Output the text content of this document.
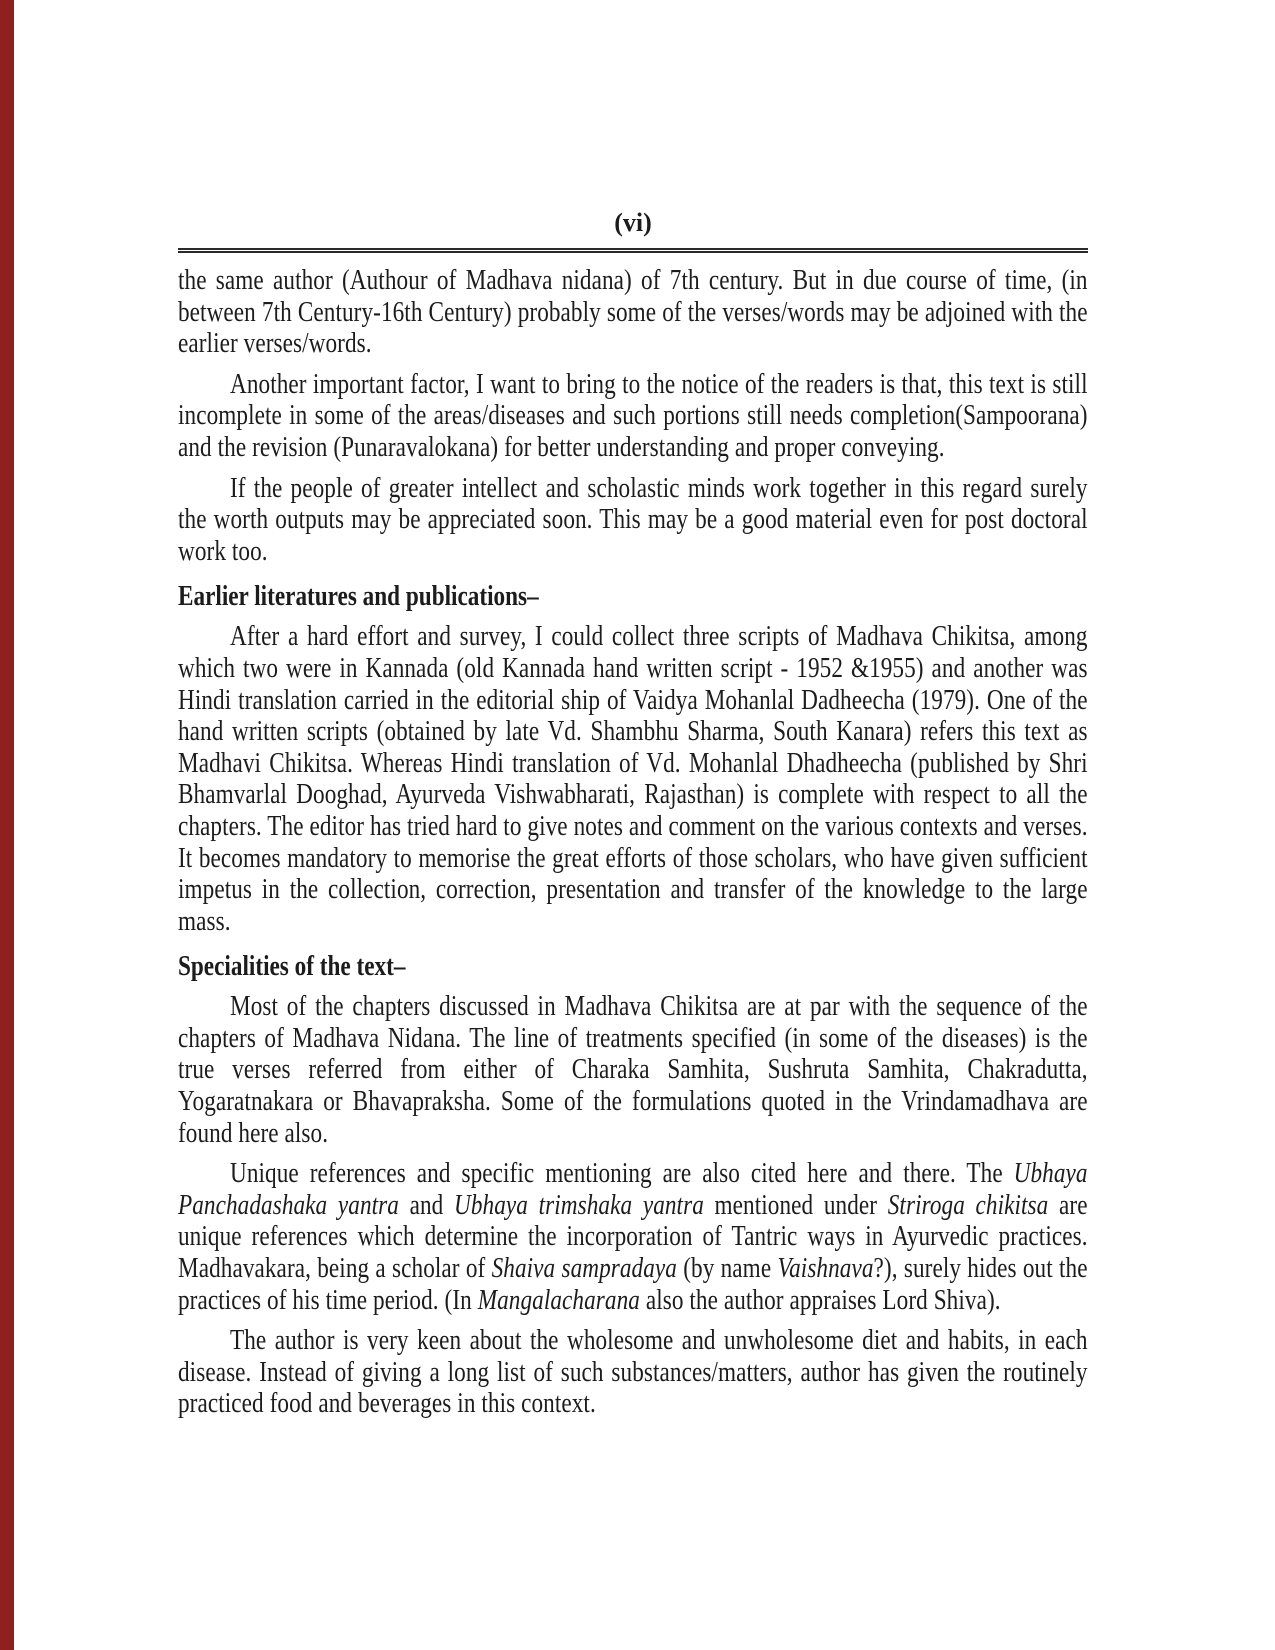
(vi)

the same author (Authour of Madhava nidana) of 7th century. But in due course of time, (in between 7th Century-16th Century) probably some of the verses/words may be adjoined with the earlier verses/words.

Another important factor, I want to bring to the notice of the readers is that, this text is still incomplete in some of the areas/diseases and such portions still needs completion(Sampoorana) and the revision (Punaravalokana) for better understanding and proper conveying.

If the people of greater intellect and scholastic minds work together in this regard surely the worth outputs may be appreciated soon. This may be a good material even for post doctoral work too.

Earlier literatures and publications–

After a hard effort and survey, I could collect three scripts of Madhava Chikitsa, among which two were in Kannada (old Kannada hand written script - 1952 &1955) and another was Hindi translation carried in the editorial ship of Vaidya Mohanlal Dadheecha (1979). One of the hand written scripts (obtained by late Vd. Shambhu Sharma, South Kanara) refers this text as Madhavi Chikitsa. Whereas Hindi translation of Vd. Mohanlal Dhadheecha (published by Shri Bhamvarlal Dooghad, Ayurveda Vishwabharati, Rajasthan) is complete with respect to all the chapters. The editor has tried hard to give notes and comment on the various contexts and verses. It becomes mandatory to memorise the great efforts of those scholars, who have given sufficient impetus in the collection, correction, presentation and transfer of the knowledge to the large mass.

Specialities of the text–

Most of the chapters discussed in Madhava Chikitsa are at par with the sequence of the chapters of Madhava Nidana. The line of treatments specified (in some of the diseases) is the true verses referred from either of Charaka Samhita, Sushruta Samhita, Chakradutta, Yogaratnakara or Bhavapraksha. Some of the formulations quoted in the Vrindamadhava are found here also.

Unique references and specific mentioning are also cited here and there. The Ubhaya Panchadashaka yantra and Ubhaya trimshaka yantra mentioned under Striroga chikitsa are unique references which determine the incorporation of Tantric ways in Ayurvedic practices. Madhavakara, being a scholar of Shaiva sampradaya (by name Vaishnava?), surely hides out the practices of his time period. (In Mangalacharana also the author appraises Lord Shiva).

The author is very keen about the wholesome and unwholesome diet and habits, in each disease. Instead of giving a long list of such substances/matters, author has given the routinely practiced food and beverages in this context.
